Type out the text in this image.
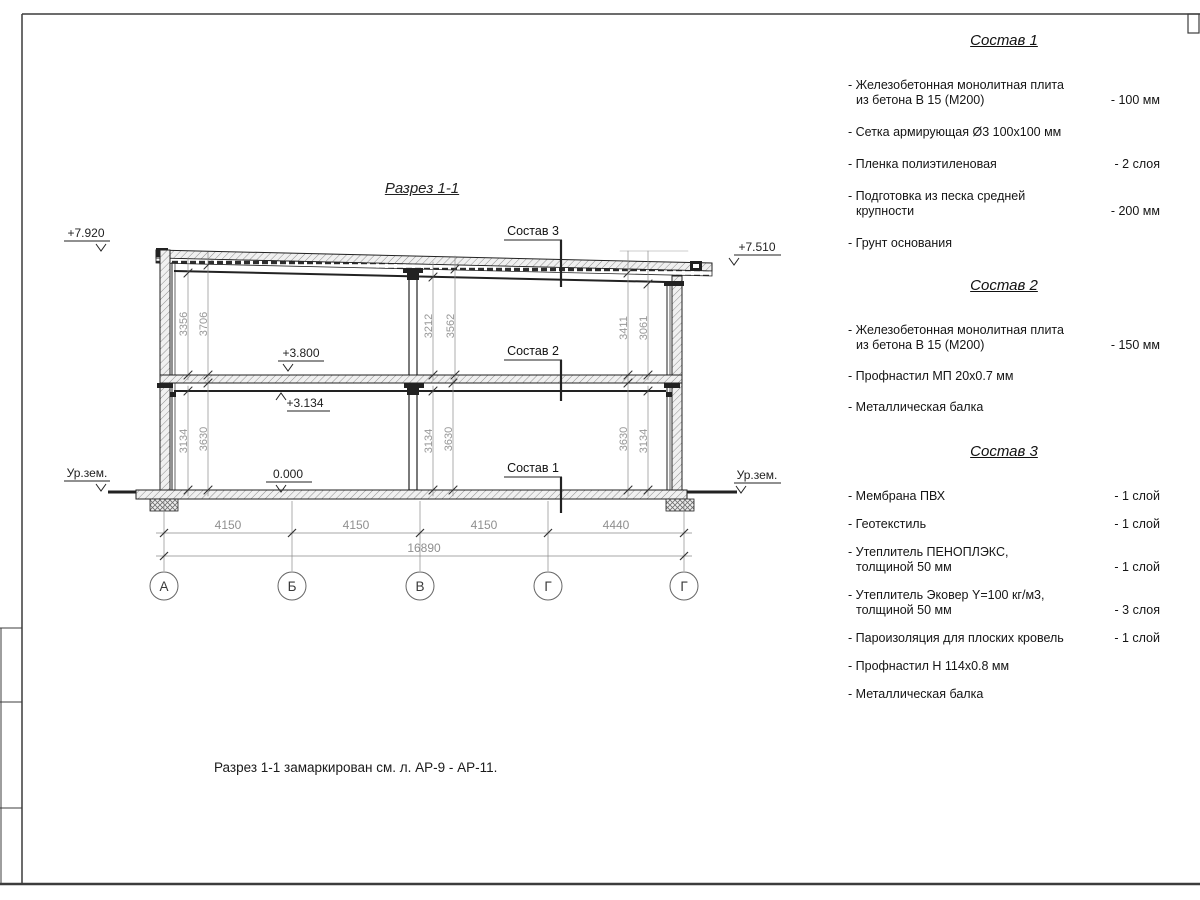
3356 3706	3212 3562	3411 3061
3134 3630	3134 3630	3630 3134
4150	4150	4150	4440
16890
А	Б	В	Г	Г
Состав 3
Состав 2
Состав 1
+7.920
+7.510
+3.800
+3.134
0.000
Ур.зем.	Ур.зем.
Разрез 1-1
Состав 1
- Железобетонная монолитная плита
из бетона В 15 (М200)	- 100 мм
- Сетка армирующая Ø3 100х100 мм
- Пленка полиэтиленовая	- 2 слоя
- Подготовка из песка средней
крупности	- 200 мм
- Грунт основания
Состав 2
- Железобетонная монолитная плита
из бетона В 15 (М200)	- 150 мм
- Профнастил МП 20х0.7 мм
- Металлическая балка
Состав 3
- Мембрана ПВХ	- 1 слой
- Геотекстиль	- 1 слой
- Утеплитель ПЕНОПЛЭКС,
толщиной 50 мм	- 1 слой
- Утеплитель Эковер Y=100 кг/м3,
толщиной 50 мм	- 3 слоя
- Пароизоляция для плоских кровель	- 1 слой
- Профнастил Н 114х0.8 мм
- Металлическая балка
Разрез 1-1 замаркирован см. л. АР-9 - АР-11.
